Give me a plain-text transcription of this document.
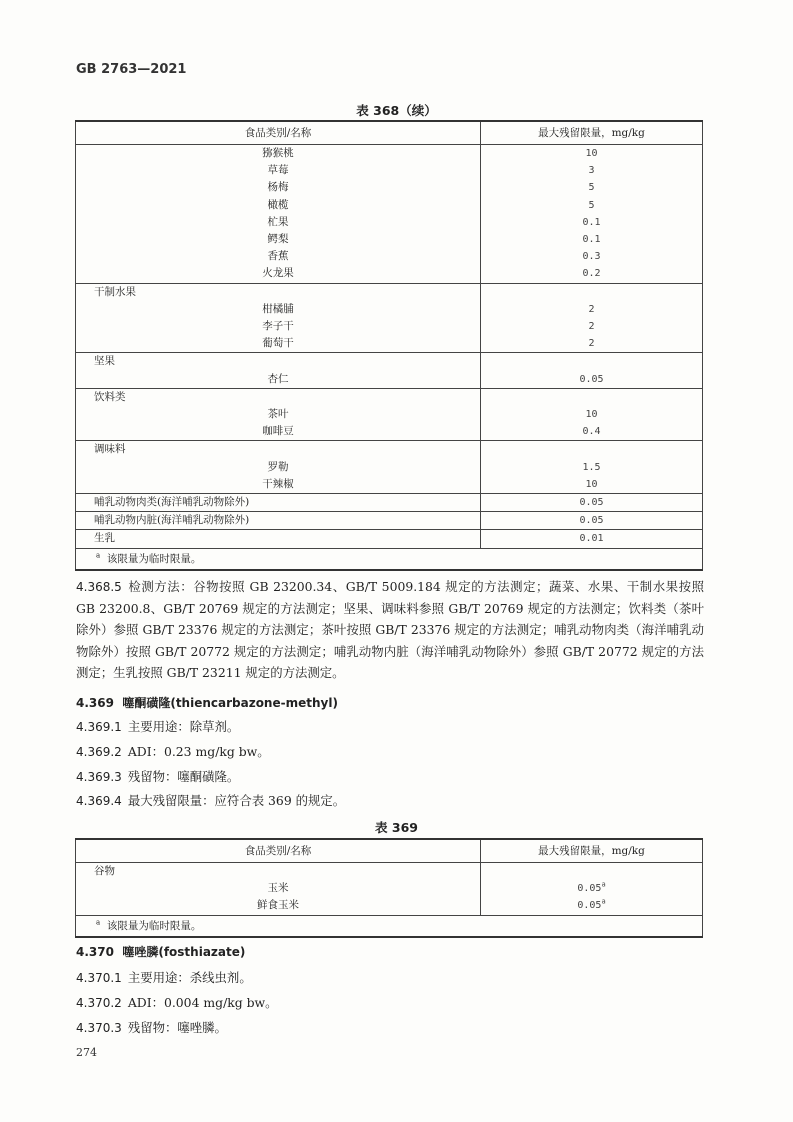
GB 2763—2021
表 368（续）
食品类别/名称	最大残留限量，mg/kg
猕猴桃	10
草莓	3
杨梅	5
橄榄	5
杧果	0.1
鳄梨	0.1
香蕉	0.3
火龙果	0.2
干制水果	
柑橘脯	2
李子干	2
葡萄干	2
坚果	
杏仁	0.05
饮料类	
茶叶	10
咖啡豆	0.4
调味料	
罗勒	1.5
干辣椒	10
哺乳动物肉类(海洋哺乳动物除外)	0.05
哺乳动物内脏(海洋哺乳动物除外)	0.05
生乳	0.01
$^a$ 该限量为临时限量。	
4.368.5 检测方法：谷物按照 GB 23200.34、GB/T 5009.184 规定的方法测定；蔬菜、水果、干制水果按照 GB 23200.8、GB/T 20769 规定的方法测定；坚果、调味料参照 GB/T 20769 规定的方法测定；饮料类（茶叶除外）参照 GB/T 23376 规定的方法测定；茶叶按照 GB/T 23376 规定的方法测定；哺乳动物肉类（海洋哺乳动物除外）按照 GB/T 20772 规定的方法测定；哺乳动物内脏（海洋哺乳动物除外）参照 GB/T 20772 规定的方法测定；生乳按照 GB/T 23211 规定的方法测定。
4.369 噻酮磺隆(thiencarbazone-methyl)
4.369.1 主要用途：除草剂。
4.369.2 ADI：0.23 mg/kg bw。
4.369.3 残留物：噻酮磺隆。
4.369.4 最大残留限量：应符合表 369 的规定。
表 369
食品类别/名称	最大残留限量，mg/kg
谷物	
玉米	0.05$^a$
鲜食玉米	0.05$^a$
$^a$ 该限量为临时限量。	
4.370 噻唑膦(fosthiazate)
4.370.1 主要用途：杀线虫剂。
4.370.2 ADI：0.004 mg/kg bw。
4.370.3 残留物：噻唑膦。
274
